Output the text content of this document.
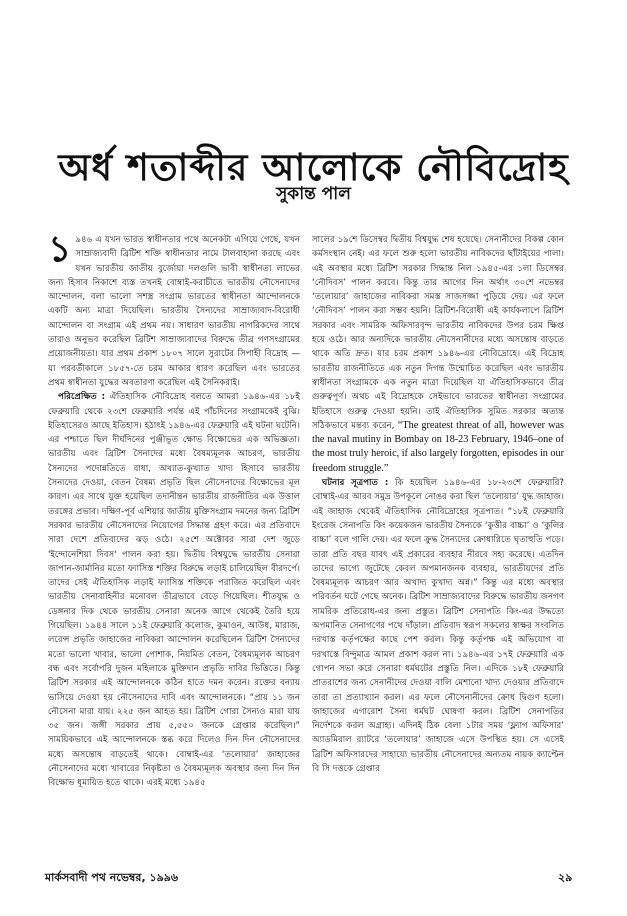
অর্ধ শতাব্দীর আলোকে নৌবিদ্রোহ
সুকান্ত পাল

১ ৯৪৬ এ যখন ভারত স্বাধীনতার পথে অনেকটা এগিয়ে গেছে, যখন সাম্রাজ্যবাদী ব্রিটিশ শক্তি স্বাধীনতার নামে টালবাহানা করছে এবং যখন ভারতীয় জাতীয় বুর্জোয়া দলগুলি ভাবী স্বাধীনতা লাভের জন্য হিসাব নিকাশে ব্যস্ত তখনই বোম্বাই-করাচীতে ভারতীয় নৌসেনাদের আন্দোলন, বলা ভালো সশস্ত্র সংগ্রাম ভারতের স্বাধীনতা আন্দোলনকে একটি অন্য মাত্রা দিয়েছিল। ভারতীয় সৈন্যদের সাম্রাজ্যবাদ-বিরোধী আন্দোলন বা সংগ্রাম এই প্রথম নয়। সাধারণ ভারতীয় নাগরিকদের সাথে তারাও অনুভব করেছিল ব্রিটিশ সাম্রাজ্যবাদের বিরুদ্ধে তীব্র গণসংগ্রামের প্রয়োজনীয়তা। যার প্রথম প্রকাশ ১৮০৭ সালে সুরাটের সিপাহী বিদ্রোহ — যা পরবর্তীকালে ১৮৫৭-তে চরম আকার ধারণ করেছিল এবং ভারতের প্রথম স্বাধীনতা যুদ্ধের অবতারণা করেছিল এই সৈনিকরাই।

পরিপ্রেক্ষিত : ঐতিহাসিক নৌবিদ্রোহ বলতে আমরা ১৯৪৬-এর ১৮ই ফেব্রুয়ারি থেকে ২৩শে ফেব্রুয়ারি পর্যন্ত এই পাঁচদিনের সংগ্রামকেই বুঝি। ইতিহাসেরও আছে ইতিহাস। হঠাৎই ১৯৪৬-এর ফেব্রুয়ারি এই ঘটনা ঘটেনি। এর পশ্চাতে ছিল দীর্ঘদিনের পুঞ্জীভূত ক্ষোভ বিক্ষোভের এক অভিজ্ঞতা। ভারতীয় এবং ব্রিটিশ সৈনাদের মধ্যে বৈষম্যমূলক আচরণ, ভারতীয় সৈন্যদের পদোন্নতিতে বাধা, অখ্যাত-কুখ্যাত খাদ্য হিসাবে ভারতীয় সৈন্যদের দেওয়া, বেতন বৈষম্য প্রভৃতি ছিল নৌসেনাদের বিক্ষোভের মূল কারণ। এর সাথে যুক্ত হয়েছিল তদানীন্তন ভারতীয় রাজনীতির এক উত্তাল তরঙ্গের প্রভাব। দক্ষিণ-পূর্ব এশিয়ার জাতীয় মুক্তিসংগ্রাম দমনের জন্য ব্রিটিশ সরকার ভারতীয় নৌসেনাদের নিয়োগের সিদ্ধান্ত গ্রহণ করে। এর প্রতিবাদে সারা দেশে প্রতিবাদের ঝড় ওঠে। ২৫শে অক্টোবর সারা দেশ জুড়ে 'ইন্দোনেশিয়া দিবস' পালন করা হয়। দ্বিতীয় বিশ্বযুদ্ধে ভারতীয় সেনারা জাপান-জার্মানির মতো ফ্যাসিস্ত শক্তির বিরুদ্ধে লড়াই চালিয়েছিল বীরদর্পে। তাদের সেই ঐতিহাসিক লড়াই ফ্যাসিস্ত শক্তিকে পরাজিত করেছিল এবং ভারতীয় সেনাবাহিনীর মনোবল তীব্রভাবে বেড়ে গিয়েছিল। শীতযুদ্ধ ও ডেঙ্গনার দিক থেকে ভারতীয় সেনারা অনেক আগে থেকেই তৈরি হয়ে গিয়েছিল। ১৯৪৪ সালে ১১ই ফেব্রুয়ারি কলোজ, কুমাওন, আউধ, মারাজ, লরেন্স প্রভৃতি জাহাজের নাবিকরা আন্দোলন করেছিলেন ব্রিটিশ সৈন্যদের মতো ভালো খাবার, ভালো পোশাক, নিয়মিত বেতন, বৈষম্যমূলক আচরণ বন্ধ এবং সর্বোপরি দুজন মহিলাকে মুক্তিদান প্রভৃতি দাবির ভিত্তিতে। কিন্তু ব্রিটিশ সরকার এই আন্দোলনকে কঠিন হাতে দমন করেন। রক্তের বন্যায় ভাসিয়ে দেওয়া হয় নৌসেনাদের দাবি এবং আন্দোলনকে। “প্রায় ১১ জন নৌসেনা মারা যায়। ২২৫ জন আহত হয়। ব্রিটিশ গোরা সৈন্যও মারা যায় ৩৫ জন। জঙ্গী সরকার প্রায় ৫,৫৫০ জনকে গ্রেপ্তার করেছিল।” সাময়িকভাবে এই আন্দোলনকে স্তব্ধ করে দিলেও দিন দিন নৌসেনাদের মধ্যে অসন্তোষ বাড়তেই থাকে। বোম্বাই-এর ‘তলোয়ার’ জাহাজের নৌসেনাদের মধ্যে খাবারের নিকৃষ্টতা ও বৈষম্যমূলক অবস্থার জন্য দিন দিন বিক্ষোভ ধূমায়িত হতে থাকে। এরই মধ্যে ১৯৪৫

সালের ১৯শে ডিসেম্বর দ্বিতীয় বিশ্বযুদ্ধ শেষ হয়েছে। সেনানীদের বিকল্প কোন কর্মসংস্থান নেই। এর ফলে শুরু হলো ভারতীয় নাবিকদের ছাঁটাইয়ের পালা। এই অবস্থার মধ্যে ব্রিটিশ সরকার সিদ্ধান্ত নিল ১৯৪৫-এর ১লা ডিসেম্বর ‘নৌদিবস’ পালন করবে। কিন্তু তার আগের দিন অর্থাৎ ৩০শে নভেম্বর ‘তলোয়ার’ জাহাজের নাবিকরা সমস্ত সাজসজ্জা পুড়িয়ে দেয়। এর ফলে ‘নৌদিবস’ পালন করা সম্ভব হয়নি। ব্রিটিশ-বিরোধী এই কার্যকলাপে ব্রিটিশ সরকার এবং সামরিক অফিসারবৃন্দ ভারতীয় নাবিকদের উপর চরম ক্ষিপ্ত হয়ে ওঠে। আর অন্যদিকে ভারতীয় নৌসেনানীদের মধ্যে অসন্তোষ বাড়তে থাকে অতি দ্রুত। যার চরম প্রকাশ ১৯৪৬-এর নৌবিদ্রোহে। এই বিদ্রোহ ভারতীয় রাজনীতিতে এক নতুন দিগন্ত উন্মোচিত করেছিল এবং ভারতীয় স্বাধীনতা সংগ্রামকে এক নতুন মাত্রা দিয়েছিল যা ঐতিহাসিকভাবে তীব্র গুরুত্বপূর্ণ। অথচ এই বিদ্রোহকে সেইভাবে ভারতের স্বাধীনতা সংগ্রামের ইতিহাসে গুরুত্ব দেওয়া হয়নি। তাই ঐতিহাসিক সুমিত সরকার অত্যন্ত সঠিকভাবে মন্তব্য করেন, “The greatest threat of all, however was the naval mutiny in Bombay on 18-23 February, 1946–one of the most truly heroic, if also largely forgotten, episodes in our freedom struggle.”

ঘটনার সূত্রপাত : কি হয়েছিল ১৯৪৬-এর ১৮-২৩শে ফেব্রুয়ারি? বোম্বাই-এর আরব সমুদ্র উপকূলে নোঙর করা ছিল ‘তলোয়ার’ যুদ্ধ জাহাজ। এই জাহাজ থেকেই ঐতিহাসিক নৌবিদ্রোহের সূত্রপাত। “১৮ই ফেব্রুয়ারি ইংরেজ সেনাপতি কিং কয়েকজন ভারতীয় সৈন্যকে ‘কুত্তীর বাচ্চা’ ও ‘কুলির বাচ্চা’ বলে গালি দেয়। এর ফলে ক্রুদ্ধ সৈন্যদের ক্রোধাগ্নিতে ঘৃতাহুতি পড়ে। তারা প্রতি বছর যাবৎ এই প্রকারের ব্যবহার নীরবে সহ্য করেছে। এতদিন তাদের ভাগ্যে জুটেছে কেবল অপমানজনক ব্যবহার, ভারতীয়দের প্রতি বৈষম্যমূলক আচরণ আর অখাদ্য কুখাদ্য অন্ন।” কিন্তু এর মধ্যে অবস্থার পরিবর্তন ঘটে গেছে অনেক। ব্রিটিশ সাম্রাজ্যবাদের বিরুদ্ধে ভারতীয় জনগণ সামরিক প্রতিরোধ-এর জন্য প্রস্তুত। ব্রিটিশ সেনাপতি কিং-এর উদ্ধত্যে অপমানিত সেনাগণের পথে দাঁড়াল। প্রতিবাদ স্বরূপ সকলের স্বাক্ষর সংবলিত দরখাস্ত কর্তৃপক্ষের কাছে পেশ করল। কিন্তু কর্তৃপক্ষ এই অভিযোগ বা দরখাস্তে বিন্দুমাত্র আমল প্রকাশ করল না। ১৯৪৬-এর ১৭ই ফেব্রুয়ারি এক গোপন সভা করে সেনারা ধর্মঘটের প্রস্তুতি নিল। এদিকে ১৮ই ফেব্রুয়ারি প্রাতরাশের জন্য সেনানীদের দেওয়া বালি মেশানো খাদ্য দেওয়ার প্রতিবাদে তারা তা প্রত্যাখ্যান করল। এর ফলে নৌসেনানীদের ক্রোধ দ্বিগুণ হলো। জাহাজের এগারোশ সৈন্য ধর্মঘট ঘোষণা করল। ব্রিটিশ সেনাপতির নির্দেশকে করল অগ্রাহ্য। এদিনই ঠিক বেলা ১টার সময় ‘ফ্ল্যাগ অফিসার’ অ্যাডমিরাল র‍্যাটরে ‘তলোয়ার’ জাহাজে এসে উপস্থিত হয়। সে এসেই ব্রিটিশ অফিসারদের সাহায্যে ভারতীয় নৌসেনাদের অন্যতম নায়ক ক্যাপ্টেন বি সি দত্তকে গ্রেপ্তার

মার্কসবাদী পথ নভেম্বর, ১৯৯৬	২৯
